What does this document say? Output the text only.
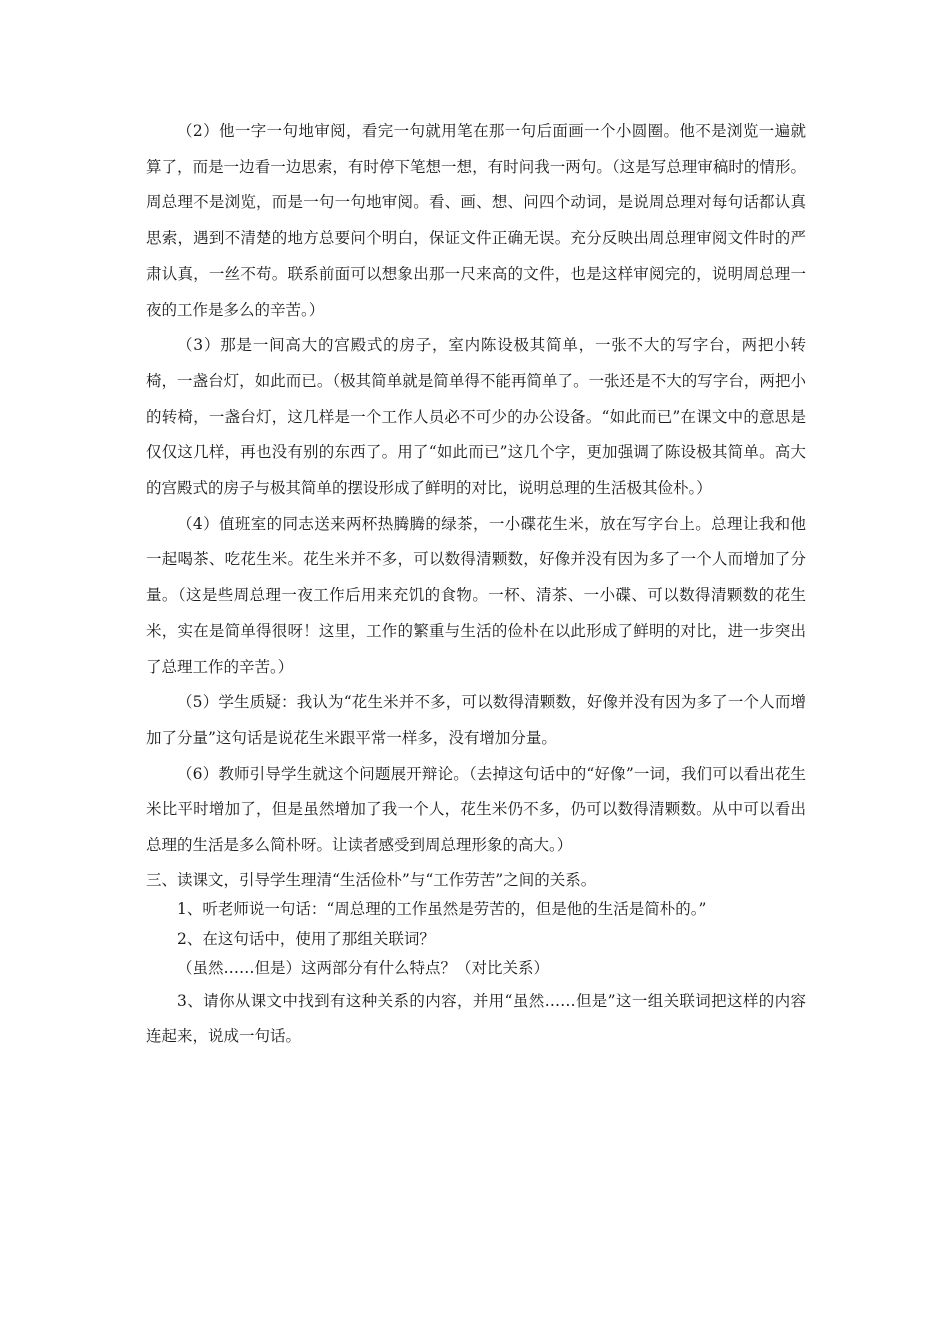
（2）他一字一句地审阅，看完一句就用笔在那一句后面画一个小圆圈。他不是浏览一遍就算了，而是一边看一边思索，有时停下笔想一想，有时问我一两句。（这是写总理审稿时的情形。周总理不是浏览，而是一句一句地审阅。看、画、想、问四个动词，是说周总理对每句话都认真思索，遇到不清楚的地方总要问个明白，保证文件正确无误。充分反映出周总理审阅文件时的严肃认真，一丝不苟。联系前面可以想象出那一尺来高的文件，也是这样审阅完的，说明周总理一夜的工作是多么的辛苦。）

（3）那是一间高大的宫殿式的房子，室内陈设极其简单，一张不大的写字台，两把小转椅，一盏台灯，如此而已。（极其简单就是简单得不能再简单了。一张还是不大的写字台，两把小的转椅，一盏台灯，这几样是一个工作人员必不可少的办公设备。“如此而已”在课文中的意思是仅仅这几样，再也没有别的东西了。用了“如此而已”这几个字，更加强调了陈设极其简单。高大的宫殿式的房子与极其简单的摆设形成了鲜明的对比，说明总理的生活极其俭朴。）

（4）值班室的同志送来两杯热腾腾的绿茶，一小碟花生米，放在写字台上。总理让我和他一起喝茶、吃花生米。花生米并不多，可以数得清颗数，好像并没有因为多了一个人而增加了分量。（这是些周总理一夜工作后用来充饥的食物。一杯、清茶、一小碟、可以数得清颗数的花生米，实在是简单得很呀！这里，工作的繁重与生活的俭朴在以此形成了鲜明的对比，进一步突出了总理工作的辛苦。）

（5）学生质疑：我认为“花生米并不多，可以数得清颗数，好像并没有因为多了一个人而增加了分量”这句话是说花生米跟平常一样多，没有增加分量。

（6）教师引导学生就这个问题展开辩论。（去掉这句话中的“好像”一词，我们可以看出花生米比平时增加了，但是虽然增加了我一个人，花生米仍不多，仍可以数得清颗数。从中可以看出总理的生活是多么简朴呀。让读者感受到周总理形象的高大。）

三、读课文，引导学生理清“生活俭朴”与“工作劳苦”之间的关系。

1、听老师说一句话：“周总理的工作虽然是劳苦的，但是他的生活是简朴的。”

2、在这句话中，使用了那组关联词？

（虽然……但是）这两部分有什么特点？（对比关系）

3、请你从课文中找到有这种关系的内容，并用“虽然……但是”这一组关联词把这样的内容连起来，说成一句话。
